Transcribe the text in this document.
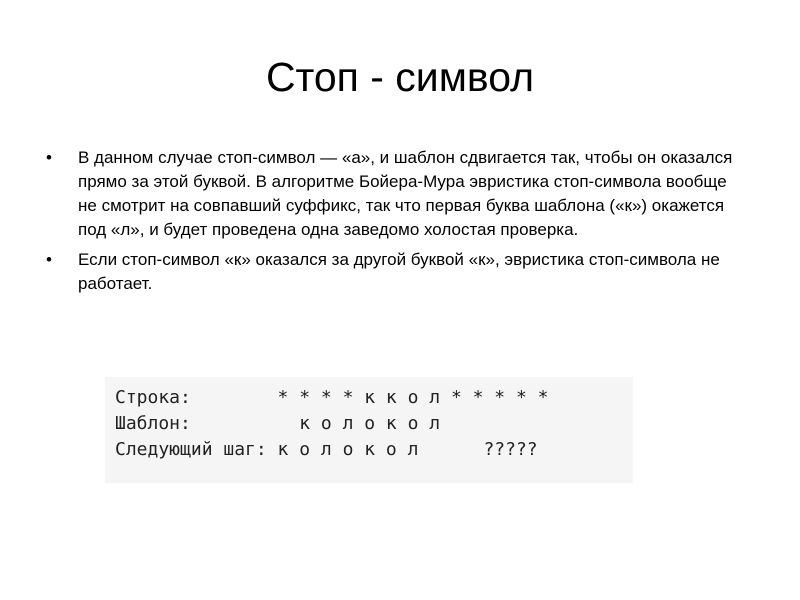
Стоп - символ
• В данном случае стоп-символ — «а», и шаблон сдвигается так, чтобы он оказался прямо за этой буквой. В алгоритме Бойера-Мура эвристика стоп-символа вообще не смотрит на совпавший суффикс, так что первая буква шаблона («к») окажется под «л», и будет проведена одна заведомо холостая проверка.
• Если стоп-символ «к» оказался за другой буквой «к», эвристика стоп-символа не работает.
Строка:        * * * * к к о л * * * * *
Шаблон:          к о л о к о л
Следующий шаг: к о л о к о л      ?????
